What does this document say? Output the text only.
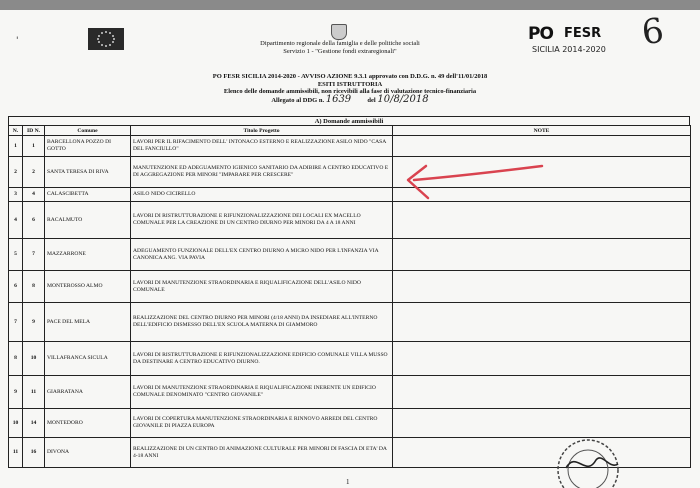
'	Dipartimento regionale della famiglia e delle politiche sociali
Servizio 1 - "Gestione fondi extraregionali"
PO FESR
SICILIA 2014-2020 6
PO FESR SICILIA 2014-2020 - AVVISO AZIONE 9.3.1 approvato con D.D.G. n. 49 dell'11/01/2018
ESITI ISTRUTTORIA
Elenco delle domande ammissibili, non ricevibili alla fase di valutazione tecnico-finanziaria
Allegato al DDG n. 1639	del 10/8/2018
A) Domande ammissibili
N.	ID N.	Comune	Titolo Progetto	NOTE
1	1	BARCELLONA POZZO DI GOTTO	LAVORI PER IL RIFACIMENTO DELL' INTONACO ESTERNO E REALIZZAZIONE ASILO NIDO "CASA DEL FANCIULLO"	
2	2	SANTA TERESA DI RIVA	MANUTENZIONE ED ADEGUAMENTO IGIENICO SANITARIO DA ADIBIRE A CENTRO EDUCATIVO E DI AGGREGAZIONE PER MINORI "IMPARARE PER CRESCERE"	
3	4	CALASCIBETTA	ASILO NIDO CICIRELLO	
4	6	RACALMUTO	LAVORI DI RISTRUTTURAZIONE E RIFUNZIONALIZZAZIONE DEI LOCALI EX MACELLO COMUNALE PER LA CREAZIONE DI UN CENTRO DIURNO PER MINORI DA 4 A 18 ANNI	
5	7	MAZZARRONE	ADEGUAMENTO FUNZIONALE DELL'EX CENTRO DIURNO A MICRO NIDO PER L'INFANZIA VIA CANONICA ANG. VIA PAVIA	
6	8	MONTEROSSO ALMO	LAVORI DI MANUTENZIONE STRAORDINARIA E RIQUALIFICAZIONE DELL'ASILO NIDO COMUNALE	
7	9	PACE DEL MELA	REALIZZAZIONE DEL CENTRO DIURNO PER MINORI (4/18 ANNI) DA INSEDIARE ALL'INTERNO DELL'EDIFICIO DISMESSO DELL'EX SCUOLA MATERNA DI GIAMMORO	
8	10	VILLAFRANCA SICULA	LAVORI DI RISTRUTTURAZIONE E RIFUNZIONALIZZAZIONE EDIFICIO COMUNALE VILLA MUSSO DA DESTINARE A CENTRO EDUCATIVO DIURNO.	
9	11	GIARRATANA	LAVORI DI MANUTENZIONE STRAORDINARIA E RIQUALIFICAZIONE INERENTE UN EDIFICIO COMUNALE DENOMINATO "CENTRO GIOVANILE"	
10	14	MONTEDORO	LAVORI DI COPERTURA MANUTENZIONE STRAORDINARIA E RINNOVO ARREDI DEL CENTRO GIOVANILE DI PIAZZA EUROPA	
11	16	DIVONA	REALIZZAZIONE DI UN CENTRO DI ANIMAZIONE CULTURALE PER MINORI DI FASCIA DI ETA' DA 4-18 ANNI	
1
